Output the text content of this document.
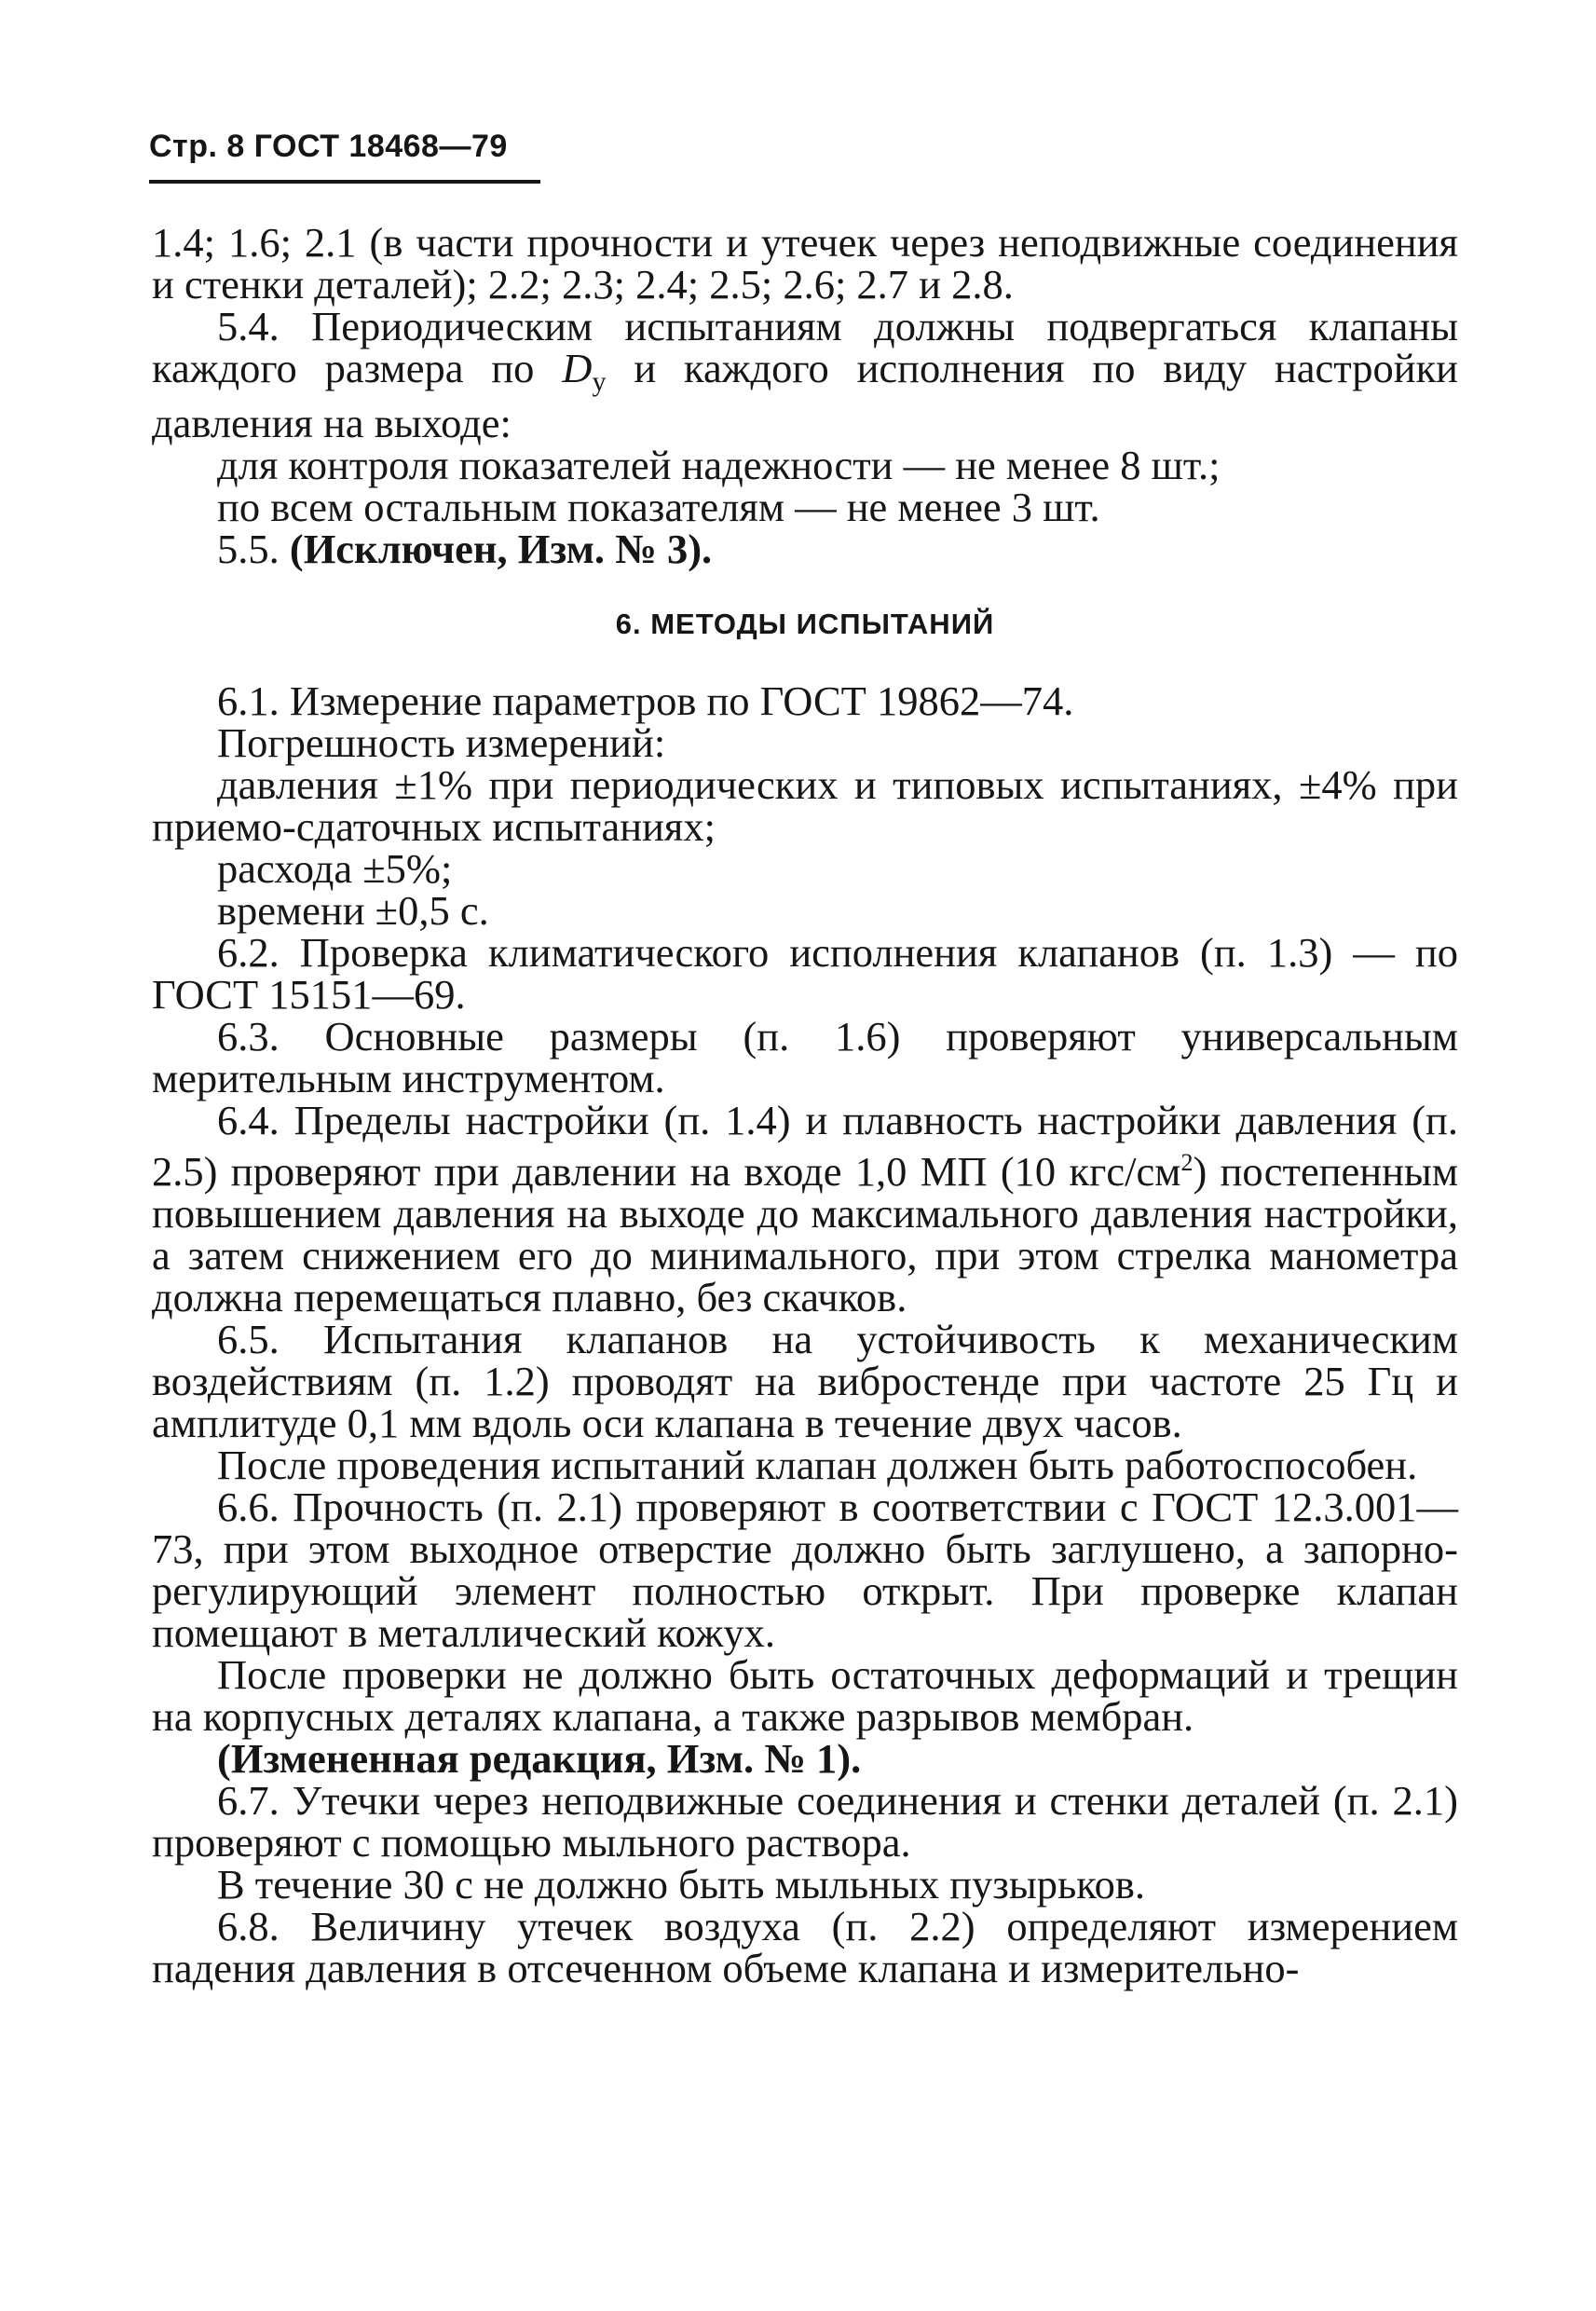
Стр. 8 ГОСТ 18468—79

1.4; 1.6; 2.1 (в части прочности и утечек через неподвижные соединения и стенки деталей); 2.2; 2.3; 2.4; 2.5; 2.6; 2.7 и 2.8.

5.4. Периодическим испытаниям должны подвергаться клапаны каждого размера по $D_у$ и каждого исполнения по виду настройки давления на выходе:

для контроля показателей надежности — не менее 8 шт.;

по всем остальным показателям — не менее 3 шт.

5.5. (Исключен, Изм. № 3).

6. МЕТОДЫ ИСПЫТАНИЙ

6.1. Измерение параметров по ГОСТ 19862—74.

Погрешность измерений:

давления ±1% при периодических и типовых испытаниях, ±4% при приемо-сдаточных испытаниях;

расхода ±5%;

времени ±0,5 с.

6.2. Проверка климатического исполнения клапанов (п. 1.3) — по ГОСТ 15151—69.

6.3. Основные размеры (п. 1.6) проверяют универсальным мерительным инструментом.

6.4. Пределы настройки (п. 1.4) и плавность настройки давления (п. 2.5) проверяют при давлении на входе 1,0 МП (10 кгс/$см^2$) постепенным повышением давления на выходе до максимального давления настройки, а затем снижением его до минимального, при этом стрелка манометра должна перемещаться плавно, без скачков.

6.5. Испытания клапанов на устойчивость к механическим воздействиям (п. 1.2) проводят на вибростенде при частоте 25 Гц и амплитуде 0,1 мм вдоль оси клапана в течение двух часов.

После проведения испытаний клапан должен быть работоспособен.

6.6. Прочность (п. 2.1) проверяют в соответствии с ГОСТ 12.3.001—73, при этом выходное отверстие должно быть заглушено, а запорно-регулирующий элемент полностью открыт. При проверке клапан помещают в металлический кожух.

После проверки не должно быть остаточных деформаций и трещин на корпусных деталях клапана, а также разрывов мембран.

(Измененная редакция, Изм. № 1).

6.7. Утечки через неподвижные соединения и стенки деталей (п. 2.1) проверяют с помощью мыльного раствора.

В течение 30 с не должно быть мыльных пузырьков.

6.8. Величину утечек воздуха (п. 2.2) определяют измерением падения давления в отсеченном объеме клапана и измерительно-
